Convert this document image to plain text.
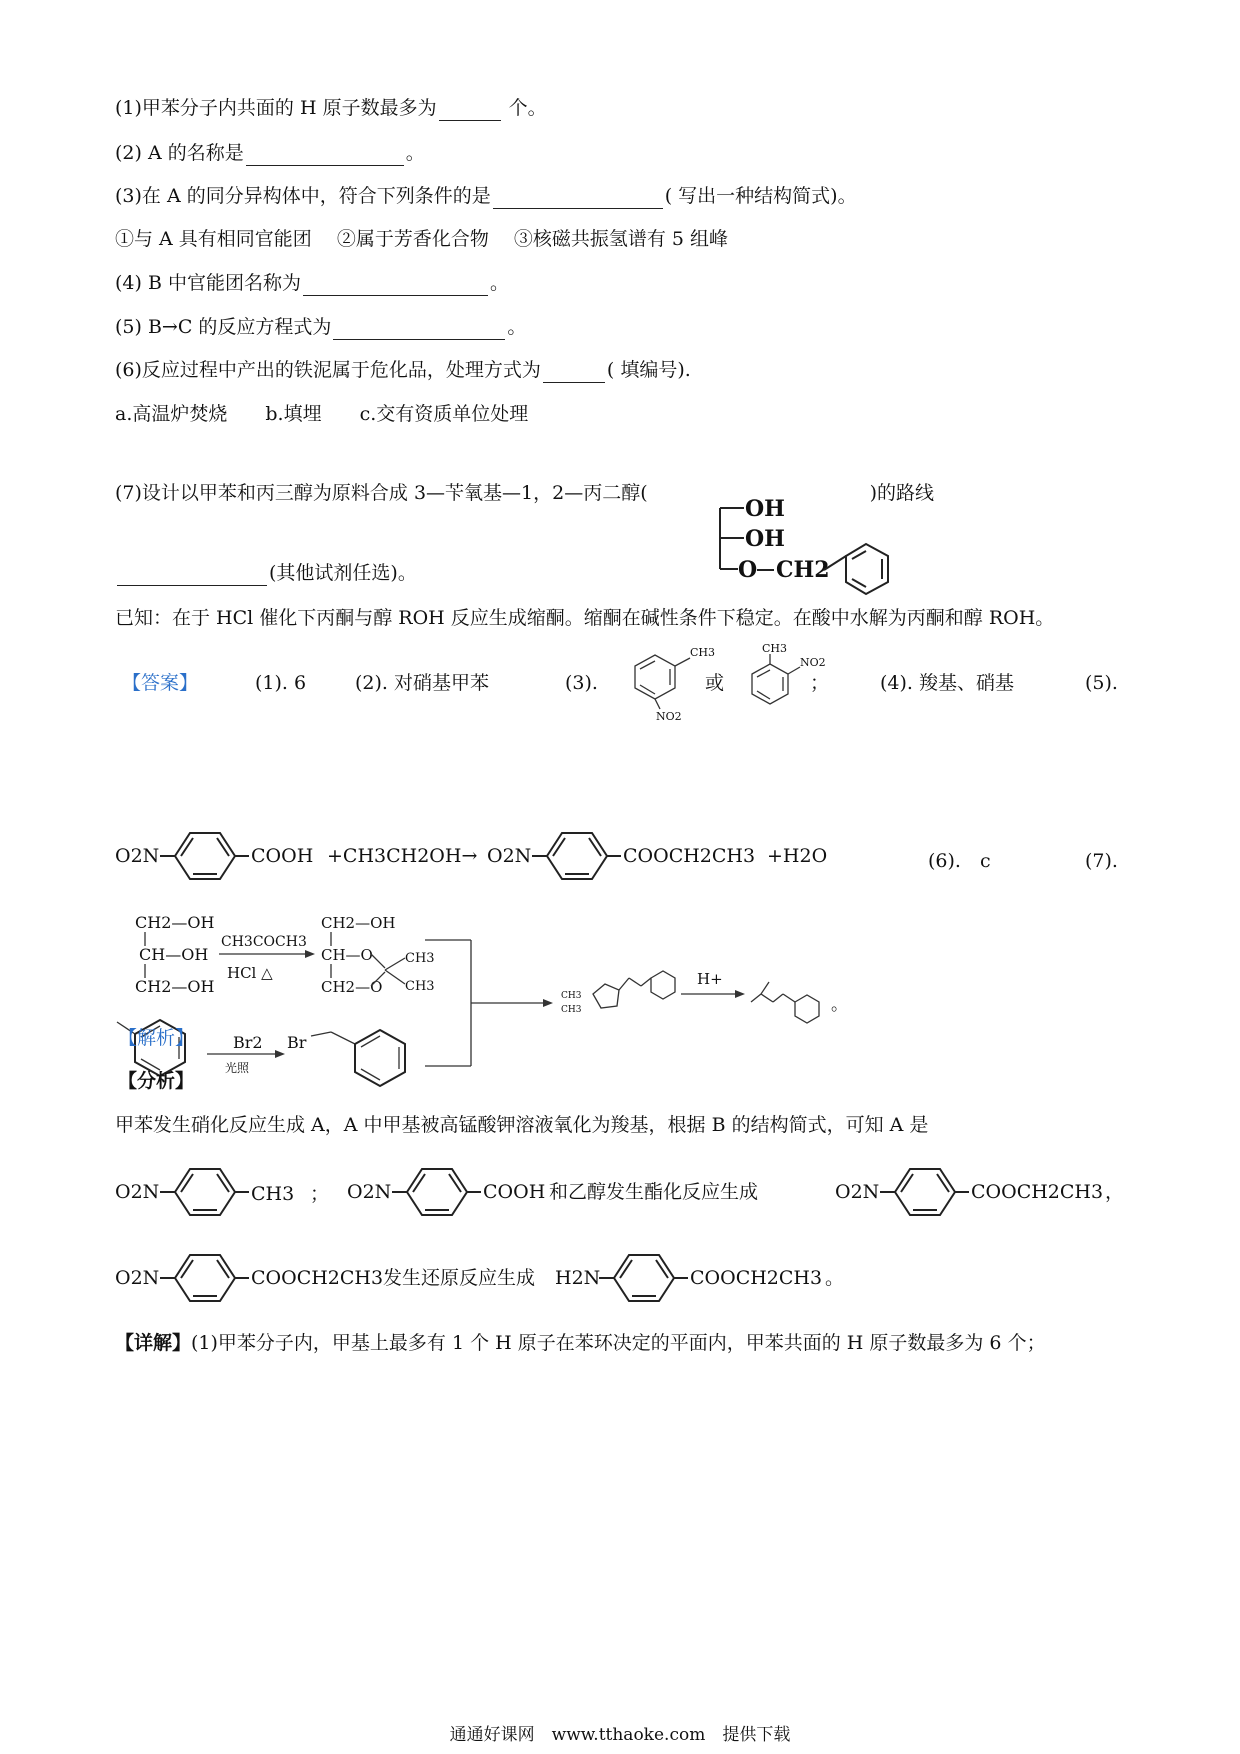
(1)甲苯分子内共面的 H 原子数最多为	个。
(2) A 的名称是	。
(3)在 A 的同分异构体中，符合下列条件的是	( 写出一种结构简式)。
①与 A 具有相同官能团　 ②属于芳香化合物　 ③核磁共振氢谱有 5 组峰
(4) B 中官能团名称为	。
(5) B→C 的反应方程式为	。
(6)反应过程中产出的铁泥属于危化品，处理方式为	( 填编号).
a.高温炉焚烧　　b.填埋　　c.交有资质单位处理
(7)设计以甲苯和丙三醇为原料合成 3—苄氧基—1，2—丙二醇(	)的路线
OH
OH
O CH2
(其他试剂任选)。
已知：在于 HCl 催化下丙酮与醇 ROH 反应生成缩酮。缩酮在碱性条件下稳定。在酸中水解为丙酮和醇 ROH。
【答案】	(1). 6	(2). 对硝基甲苯	(3).
CH3
NO2
或
CH3
NO2
；	(4). 羧基、硝基	(5).
O2N	COOH +CH3CH2OH→ O2N	COOCH2CH3 +H2O	(6).　c	(7).
CH2—OH
CH—OH
CH2—OH
CH3COCH3
HCl △
CH2—OH
CH—O
CH2—O
CH3
CH3
Br2
光照
Br
CH3
CH3
H+
。
【解析】
【分析】
甲苯发生硝化反应生成 A，A 中甲基被高锰酸钾溶液氧化为羧基，根据 B 的结构简式，可知 A 是
O2N	CH3 ； O2N	COOH 和乙醇发生酯化反应生成	O2N	COOCH2CH3 ，
O2N	COOCH2CH3 发生还原反应生成 H2N	COOCH2CH3 。
【详解】(1)甲苯分子内，甲基上最多有 1 个 H 原子在苯环决定的平面内，甲苯共面的 H 原子数最多为 6 个；
通通好课网　www.tthaoke.com　提供下载
